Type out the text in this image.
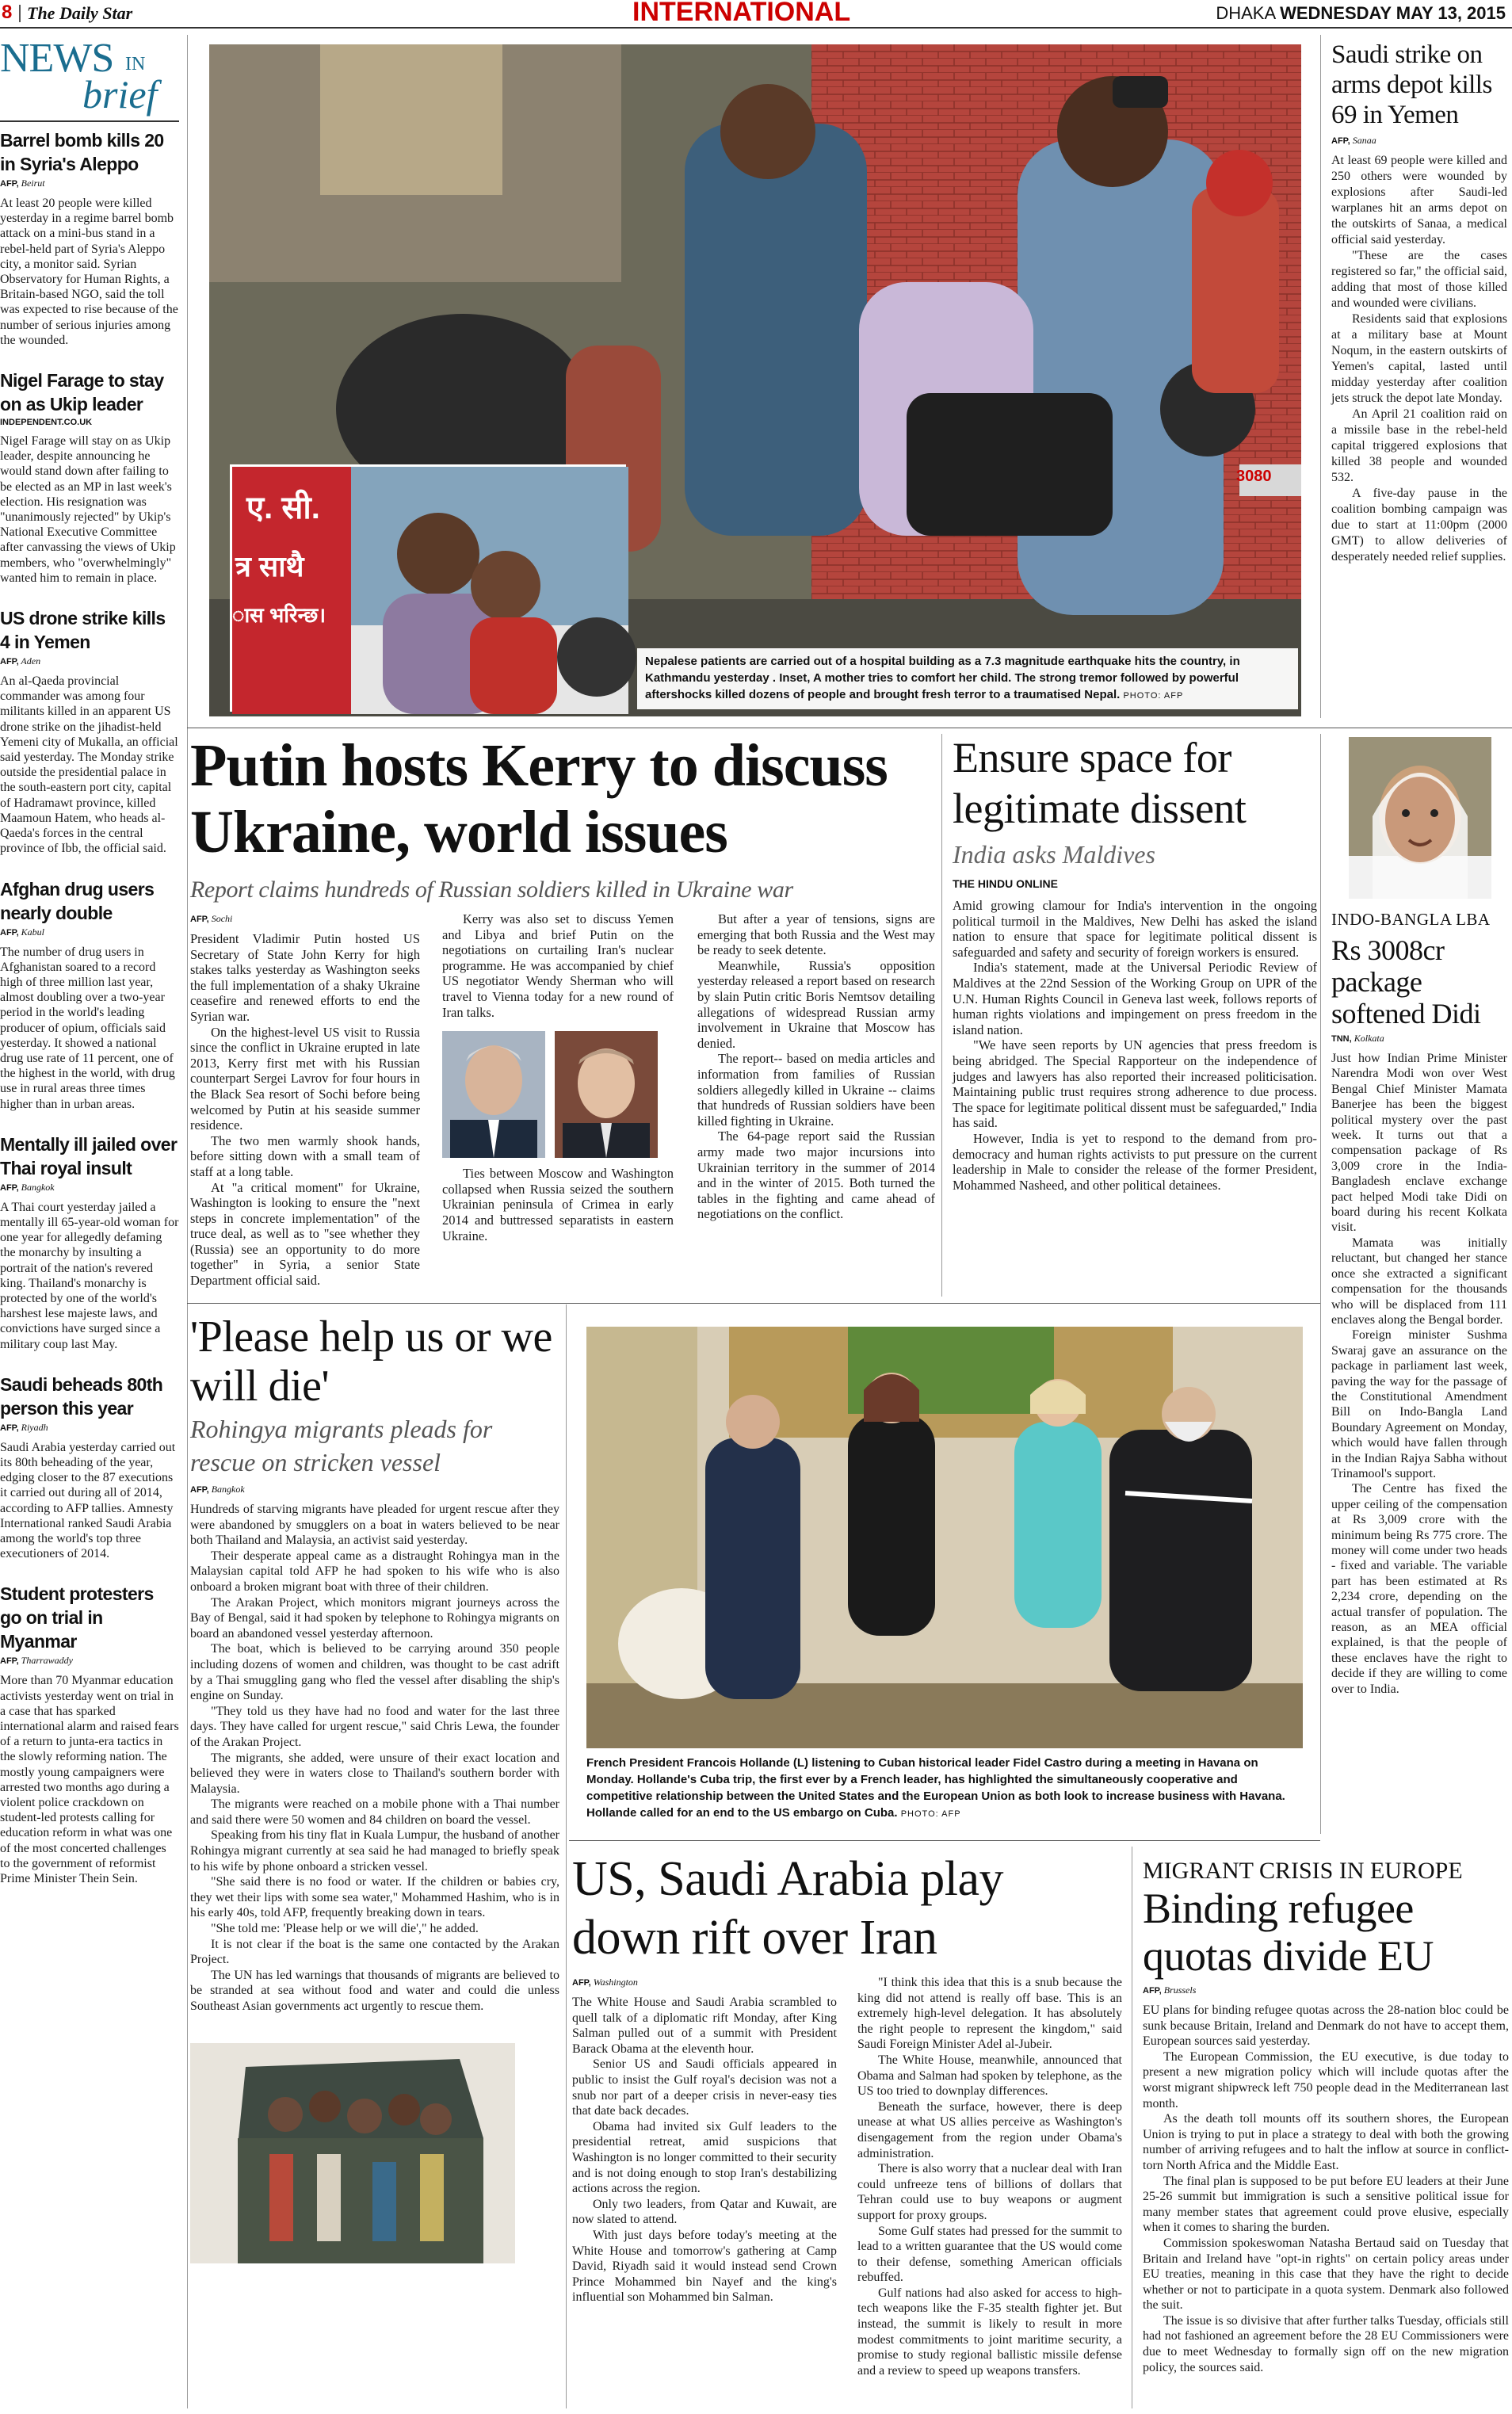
8 The Daily Star	INTERNATIONAL	DHAKA WEDNESDAY MAY 13, 2015
NEWS IN
brief
Barrel bomb kills 20 in Syria's Aleppo
AFP, Beirut
At least 20 people were killed yesterday in a regime barrel bomb attack on a mini-bus stand in a rebel-held part of Syria's Aleppo city, a monitor said. Syrian Observatory for Human Rights, a Britain-based NGO, said the toll was expected to rise because of the number of serious injuries among the wounded.
Nigel Farage to stay on as Ukip leader
INDEPENDENT.CO.UK
Nigel Farage will stay on as Ukip leader, despite announcing he would stand down after failing to be elected as an MP in last week's election. His resignation was "unanimously rejected" by Ukip's National Executive Committee after canvassing the views of Ukip members, who "overwhelmingly" wanted him to remain in place.
US drone strike kills 4 in Yemen
AFP, Aden
An al-Qaeda provincial commander was among four militants killed in an apparent US drone strike on the jihadist-held Yemeni city of Mukalla, an official said yesterday. The Monday strike outside the presidential palace in the south-eastern port city, capital of Hadramawt province, killed Maamoun Hatem, who heads al-Qaeda's forces in the central province of Ibb, the official said.
Afghan drug users nearly double
AFP, Kabul
The number of drug users in Afghanistan soared to a record high of three million last year, almost doubling over a two-year period in the world's leading producer of opium, officials said yesterday. It showed a national drug use rate of 11 percent, one of the highest in the world, with drug use in rural areas three times higher than in urban areas.
Mentally ill jailed over Thai royal insult
AFP, Bangkok
A Thai court yesterday jailed a mentally ill 65-year-old woman for one year for allegedly defaming the monarchy by insulting a portrait of the nation's revered king. Thailand's monarchy is protected by one of the world's harshest lese majeste laws, and convictions have surged since a military coup last May.
Saudi beheads 80th person this year
AFP, Riyadh
Saudi Arabia yesterday carried out its 80th beheading of the year, edging closer to the 87 executions it carried out during all of 2014, according to AFP tallies. Amnesty International ranked Saudi Arabia among the world's top three executioners of 2014.
Student protesters go on trial in Myanmar
AFP, Tharrawaddy
More than 70 Myanmar education activists yesterday went on trial in a case that has sparked international alarm and raised fears of a return to junta-era tactics in the slowly reforming nation. The mostly young campaigners were arrested two months ago during a violent police crackdown on student-led protests calling for education reform in what was one of the most concerted challenges to the government of reformist Prime Minister Thein Sein.
3080
ए. सी.
त्र साथै
ास भरिन्छ।
Nepalese patients are carried out of a hospital building as a 7.3 magnitude earthquake hits the country, in Kathmandu yesterday . Inset, A mother tries to comfort her child. The strong tremor followed by powerful aftershocks killed dozens of people and brought fresh terror to a traumatised Nepal. PHOTO: AFP
Saudi strike on arms depot kills 69 in Yemen
AFP, Sanaa

At least 69 people were killed and 250 others were wounded by explosions after Saudi-led warplanes hit an arms depot on the outskirts of Sanaa, a medical official said yesterday.

"These are the cases registered so far," the official said, adding that most of those killed and wounded were civilians.

Residents said that explosions at a military base at Mount Noqum, in the eastern outskirts of Yemen's capital, lasted until midday yesterday after coalition jets struck the depot late Monday.

An April 21 coalition raid on a missile base in the rebel-held capital triggered explosions that killed 38 people and wounded 532.

A five-day pause in the coalition bombing campaign was due to start at 11:00pm (2000 GMT) to allow deliveries of desperately needed relief supplies.

Putin hosts Kerry to discuss Ukraine, world issues
Report claims hundreds of Russian soldiers killed in Ukraine war
AFP, Sochi

President Vladimir Putin hosted US Secretary of State John Kerry for high stakes talks yesterday as Washington seeks the full implementation of a shaky Ukraine ceasefire and renewed efforts to end the Syrian war.

On the highest-level US visit to Russia since the conflict in Ukraine erupted in late 2013, Kerry first met with his Russian counterpart Sergei Lavrov for four hours in the Black Sea resort of Sochi before being welcomed by Putin at his seaside summer residence.

The two men warmly shook hands, before sitting down with a small team of staff at a long table.

At "a critical moment" for Ukraine, Washington is looking to ensure the "next steps in concrete implementation" of the truce deal, as well as to "see whether they (Russia) see an opportunity to do more together" in Syria, a senior State Department official said.

Kerry was also set to discuss Yemen and Libya and brief Putin on the negotiations on curtailing Iran's nuclear programme. He was accompanied by chief US negotiator Wendy Sherman who will travel to Vienna today for a new round of Iran talks.

Ties between Moscow and Washington collapsed when Russia seized the southern Ukrainian peninsula of Crimea in early 2014 and buttressed separatists in eastern Ukraine.

But after a year of tensions, signs are emerging that both Russia and the West may be ready to seek detente.

Meanwhile, Russia's opposition yesterday released a report based on research by slain Putin critic Boris Nemtsov detailing allegations of widespread Russian army involvement in Ukraine that Moscow has denied.

The report-- based on media articles and information from families of Russian soldiers allegedly killed in Ukraine -- claims that hundreds of Russian soldiers have been killed fighting in Ukraine.

The 64-page report said the Russian army made two major incursions into Ukrainian territory in the summer of 2014 and in the winter of 2015. Both turned the tables in the fighting and came ahead of negotiations on the conflict.

Ensure space for legitimate dissent
India asks Maldives
THE HINDU ONLINE

Amid growing clamour for India's intervention in the ongoing political turmoil in the Maldives, New Delhi has asked the island nation to ensure that space for legitimate political dissent is safeguarded and safety and security of foreign workers is ensured.

India's statement, made at the Universal Periodic Review of Maldives at the 22nd Session of the Working Group on UPR of the U.N. Human Rights Council in Geneva last week, follows reports of human rights violations and impingement on press freedom in the island nation.

"We have seen reports by UN agencies that press freedom is being abridged. The Special Rapporteur on the independence of judges and lawyers has also reported their increased politicisation. Maintaining public trust requires strong adherence to due process. The space for legitimate political dissent must be safeguarded," India has said.

However, India is yet to respond to the demand from pro-democracy and human rights activists to put pressure on the current leadership in Male to consider the release of the former President, Mohammed Nasheed, and other political detainees.

INDO-BANGLA LBA
Rs 3008cr package softened Didi
TNN, Kolkata

Just how Indian Prime Minister Narendra Modi won over West Bengal Chief Minister Mamata Banerjee has been the biggest political mystery over the past week. It turns out that a compensation package of Rs 3,009 crore in the India-Bangladesh enclave exchange pact helped Modi take Didi on board during his recent Kolkata visit.

Mamata was initially reluctant, but changed her stance once she extracted a significant compensation for the thousands who will be displaced from 111 enclaves along the Bengal border.

Foreign minister Sushma Swaraj gave an assurance on the package in parliament last week, paving the way for the passage of the Constitutional Amendment Bill on Indo-Bangla Land Boundary Agreement on Monday, which would have fallen through in the Indian Rajya Sabha without Trinamool's support.

The Centre has fixed the upper ceiling of the compensation at Rs 3,009 crore with the minimum being Rs 775 crore. The money will come under two heads - fixed and variable. The variable part has been estimated at Rs 2,234 crore, depending on the actual transfer of population. The reason, as an MEA official explained, is that the people of these enclaves have the right to decide if they are willing to come over to India.

'Please help us or we will die'
Rohingya migrants pleads for rescue on stricken vessel
AFP, Bangkok

Hundreds of starving migrants have pleaded for urgent rescue after they were abandoned by smugglers on a boat in waters believed to be near both Thailand and Malaysia, an activist said yesterday.

Their desperate appeal came as a distraught Rohingya man in the Malaysian capital told AFP he had spoken to his wife who is also onboard a broken migrant boat with three of their children.

The Arakan Project, which monitors migrant journeys across the Bay of Bengal, said it had spoken by telephone to Rohingya migrants on board an abandoned vessel yesterday afternoon.

The boat, which is believed to be carrying around 350 people including dozens of women and children, was thought to be cast adrift by a Thai smuggling gang who fled the vessel after disabling the ship's engine on Sunday.

"They told us they have had no food and water for the last three days. They have called for urgent rescue," said Chris Lewa, the founder of the Arakan Project.

The migrants, she added, were unsure of their exact location and believed they were in waters close to Thailand's southern border with Malaysia.

The migrants were reached on a mobile phone with a Thai number and said there were 50 women and 84 children on board the vessel.

Speaking from his tiny flat in Kuala Lumpur, the husband of another Rohingya migrant currently at sea said he had managed to briefly speak to his wife by phone onboard a stricken vessel.

"She said there is no food or water. If the children or babies cry, they wet their lips with some sea water," Mohammed Hashim, who is in his early 40s, told AFP, frequently breaking down in tears.

"She told me: 'Please help or we will die'," he added.

It is not clear if the boat is the same one contacted by the Arakan Project.

The UN has led warnings that thousands of migrants are believed to be stranded at sea without food and water and could die unless Southeast Asian governments act urgently to rescue them.

French President Francois Hollande (L) listening to Cuban historical leader Fidel Castro during a meeting in Havana on Monday. Hollande's Cuba trip, the first ever by a French leader, has highlighted the simultaneously cooperative and competitive relationship between the United States and the European Union as both look to increase business with Havana. Hollande called for an end to the US embargo on Cuba. PHOTO: AFP
US, Saudi Arabia play down rift over Iran
AFP, Washington

The White House and Saudi Arabia scrambled to quell talk of a diplomatic rift Monday, after King Salman pulled out of a summit with President Barack Obama at the eleventh hour.

Senior US and Saudi officials appeared in public to insist the Gulf royal's decision was not a snub nor part of a deeper crisis in never-easy ties that date back decades.

Obama had invited six Gulf leaders to the presidential retreat, amid suspicions that Washington is no longer committed to their security and is not doing enough to stop Iran's destabilizing actions across the region.

Only two leaders, from Qatar and Kuwait, are now slated to attend.

With just days before today's meeting at the White House and tomorrow's gathering at Camp David, Riyadh said it would instead send Crown Prince Mohammed bin Nayef and the king's influential son Mohammed bin Salman.

"I think this idea that this is a snub because the king did not attend is really off base. This is an extremely high-level delegation. It has absolutely the right people to represent the kingdom," said Saudi Foreign Minister Adel al-Jubeir.

The White House, meanwhile, announced that Obama and Salman had spoken by telephone, as the US too tried to downplay differences.

Beneath the surface, however, there is deep unease at what US allies perceive as Washington's disengagement from the region under Obama's administration.

There is also worry that a nuclear deal with Iran could unfreeze tens of billions of dollars that Tehran could use to buy weapons or augment support for proxy groups.

Some Gulf states had pressed for the summit to lead to a written guarantee that the US would come to their defense, something American officials rebuffed.

Gulf nations had also asked for access to high-tech weapons like the F-35 stealth fighter jet. But instead, the summit is likely to result in more modest commitments to joint maritime security, a promise to study regional ballistic missile defense and a review to speed up weapons transfers.

MIGRANT CRISIS IN EUROPE
Binding refugee quotas divide EU
AFP, Brussels

EU plans for binding refugee quotas across the 28-nation bloc could be sunk because Britain, Ireland and Denmark do not have to accept them, European sources said yesterday.

The European Commission, the EU executive, is due today to present a new migration policy which will include quotas after the worst migrant shipwreck left 750 people dead in the Mediterranean last month.

As the death toll mounts off its southern shores, the European Union is trying to put in place a strategy to deal with both the growing number of arriving refugees and to halt the inflow at source in conflict-torn North Africa and the Middle East.

The final plan is supposed to be put before EU leaders at their June 25-26 summit but immigration is such a sensitive political issue for many member states that agreement could prove elusive, especially when it comes to sharing the burden.

Commission spokeswoman Natasha Bertaud said on Tuesday that Britain and Ireland have "opt-in rights" on certain policy areas under EU treaties, meaning in this case that they have the right to decide whether or not to participate in a quota system. Denmark also followed the suit.

The issue is so divisive that after further talks Tuesday, officials still had not fashioned an agreement before the 28 EU Commissioners were due to meet Wednesday to formally sign off on the new migration policy, the sources said.
